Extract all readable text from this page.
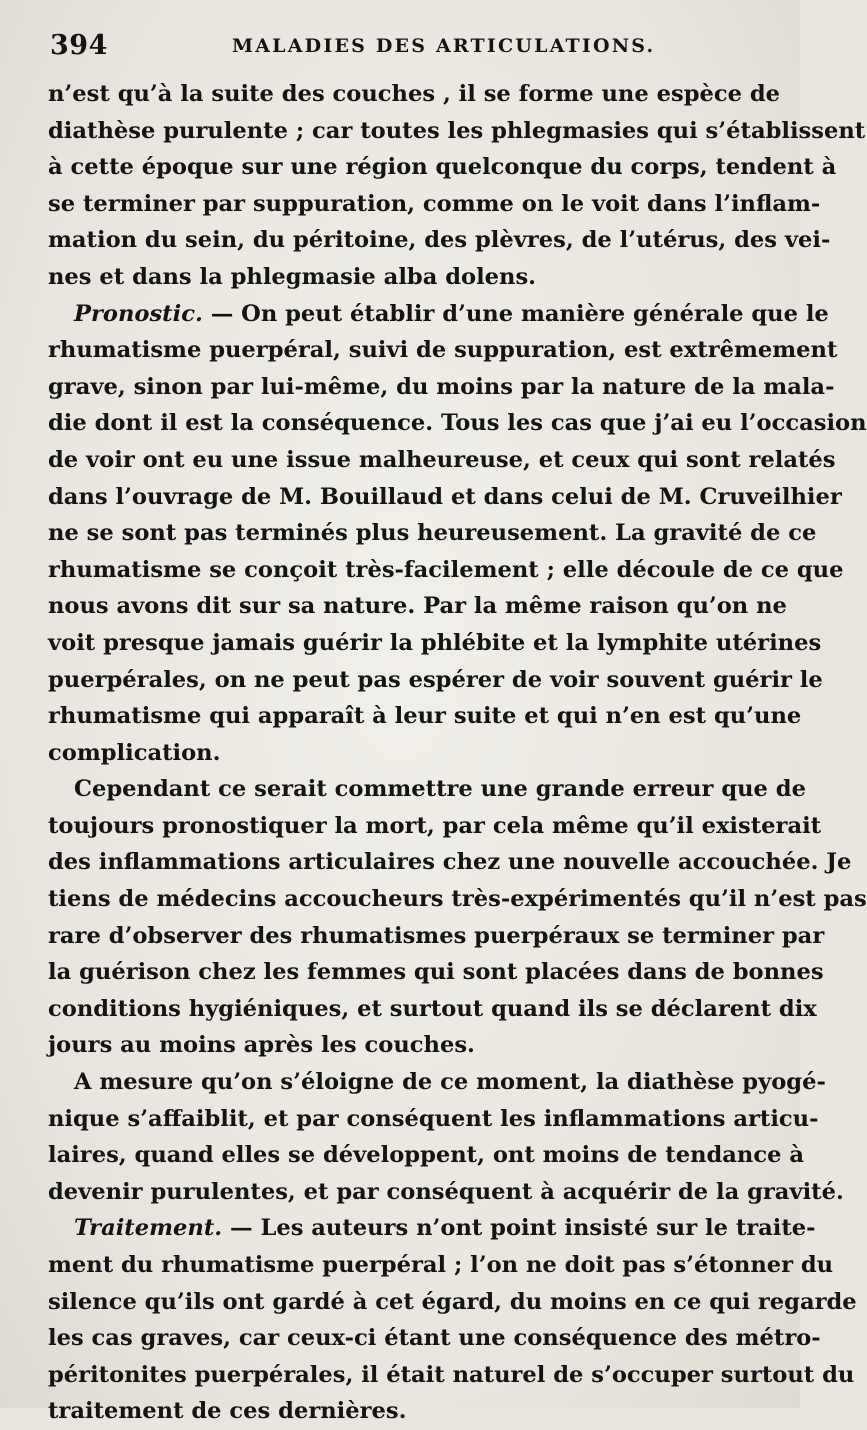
394	MALADIES DES ARTICULATIONS.
n’est qu’à la suite des couches , il se forme une espèce de
diathèse purulente ; car toutes les phlegmasies qui s’établissent
à cette époque sur une région quelconque du corps, tendent à
se terminer par suppuration, comme on le voit dans l’inflam-
mation du sein, du péritoine, des plèvres, de l’utérus, des vei-
nes et dans la phlegmasie alba dolens.
Pronostic. — On peut établir d’une manière générale que le
rhumatisme puerpéral, suivi de suppuration, est extrêmement
grave, sinon par lui-même, du moins par la nature de la mala-
die dont il est la conséquence. Tous les cas que j’ai eu l’occasion
de voir ont eu une issue malheureuse, et ceux qui sont relatés
dans l’ouvrage de M. Bouillaud et dans celui de M. Cruveilhier
ne se sont pas terminés plus heureusement. La gravité de ce
rhumatisme se conçoit très-facilement ; elle découle de ce que
nous avons dit sur sa nature. Par la même raison qu’on ne
voit presque jamais guérir la phlébite et la lymphite utérines
puerpérales, on ne peut pas espérer de voir souvent guérir le
rhumatisme qui apparaît à leur suite et qui n’en est qu’une
complication.
Cependant ce serait commettre une grande erreur que de
toujours pronostiquer la mort, par cela même qu’il existerait
des inflammations articulaires chez une nouvelle accouchée. Je
tiens de médecins accoucheurs très-expérimentés qu’il n’est pas
rare d’observer des rhumatismes puerpéraux se terminer par
la guérison chez les femmes qui sont placées dans de bonnes
conditions hygiéniques, et surtout quand ils se déclarent dix
jours au moins après les couches.
A mesure qu’on s’éloigne de ce moment, la diathèse pyogé-
nique s’affaiblit, et par conséquent les inflammations articu-
laires, quand elles se développent, ont moins de tendance à
devenir purulentes, et par conséquent à acquérir de la gravité.
Traitement. — Les auteurs n’ont point insisté sur le traite-
ment du rhumatisme puerpéral ; l’on ne doit pas s’étonner du
silence qu’ils ont gardé à cet égard, du moins en ce qui regarde
les cas graves, car ceux-ci étant une conséquence des métro-
péritonites puerpérales, il était naturel de s’occuper surtout du
traitement de ces dernières.
